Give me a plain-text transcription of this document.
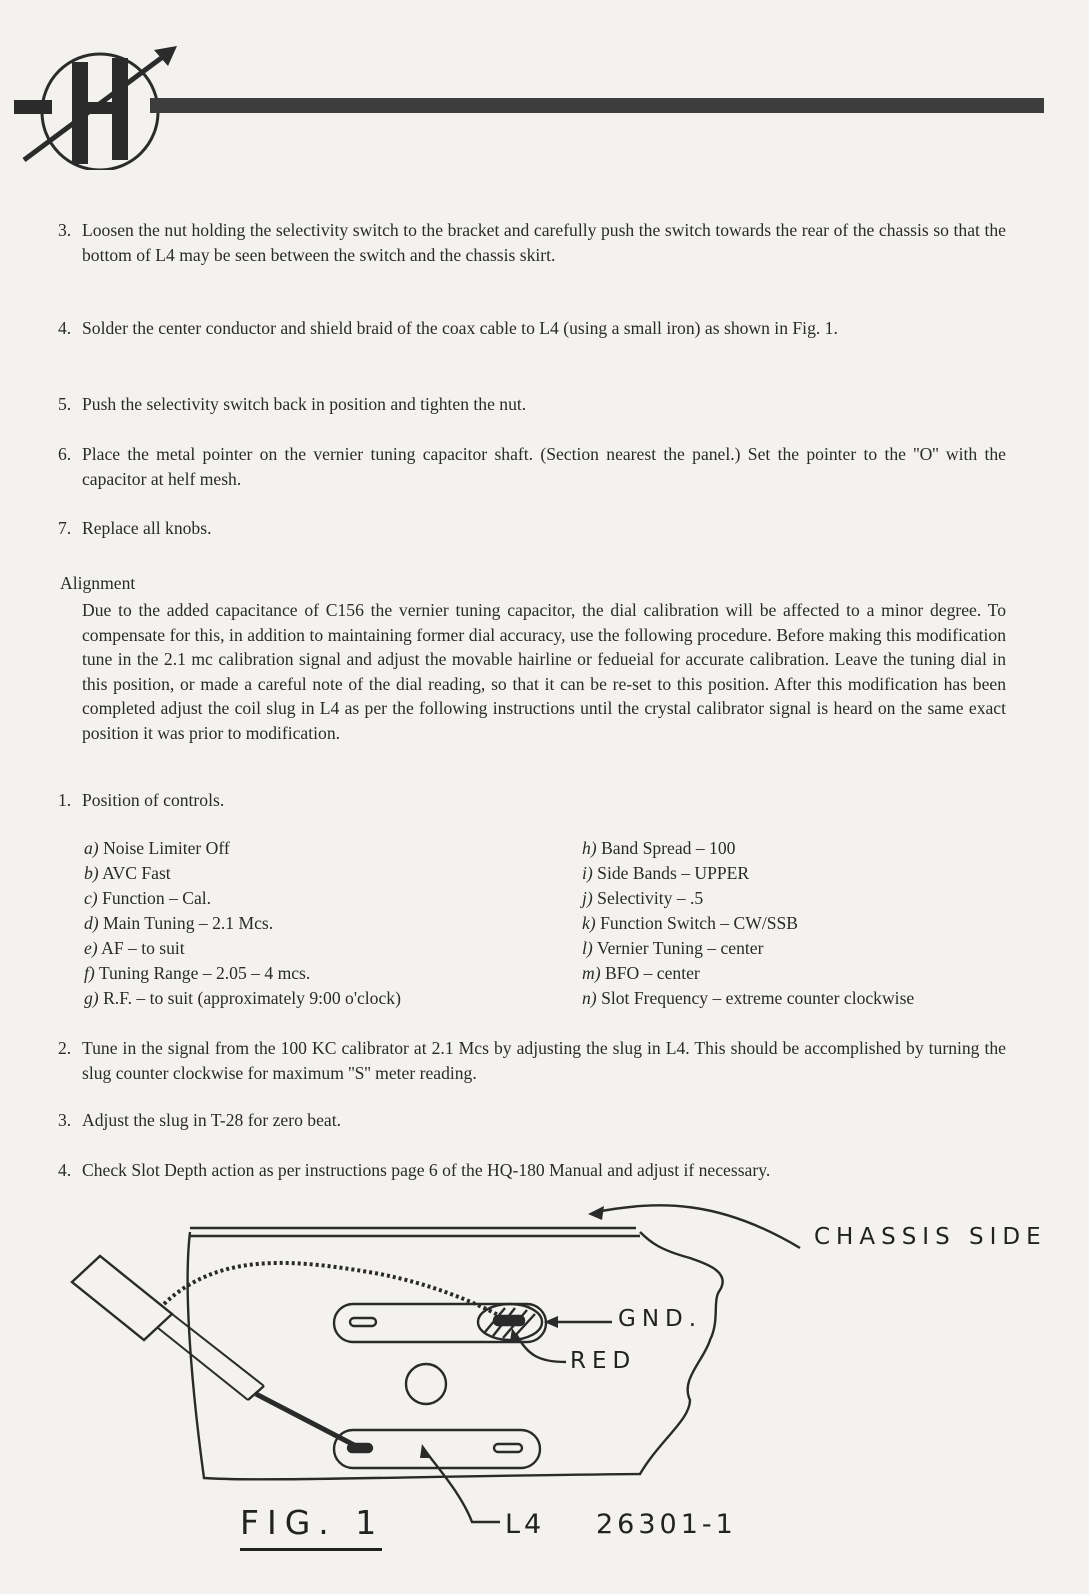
3. Loosen the nut holding the selectivity switch to the bracket and carefully push the switch towards the rear of the chassis so that the bottom of L4 may be seen between the switch and the chassis skirt.
4. Solder the center conductor and shield braid of the coax cable to L4 (using a small iron) as shown in Fig. 1.
5. Push the selectivity switch back in position and tighten the nut.
6. Place the metal pointer on the vernier tuning capacitor shaft. (Section nearest the panel.) Set the pointer to the ''O'' with the capacitor at helf mesh.
7. Replace all knobs.
Alignment
Due to the added capacitance of C156 the vernier tuning capacitor, the dial calibration will be affected to a minor degree. To compensate for this, in addition to maintaining former dial accuracy, use the following procedure. Before making this modification tune in the 2.1 mc calibration signal and adjust the movable hairline or fedueial for accurate calibration. Leave the tuning dial in this position, or made a careful note of the dial reading, so that it can be re-set to this position. After this modification has been completed adjust the coil slug in L4 as per the following instructions until the crystal calibrator signal is heard on the same exact position it was prior to modification.
1. Position of controls.
a) Noise Limiter Off
b) AVC Fast
c) Function – Cal.
d) Main Tuning – 2.1 Mcs.
e) AF – to suit
f) Tuning Range – 2.05 – 4 mcs.
g) R.F. – to suit (approximately 9:00 o'clock)
h) Band Spread – 100
i) Side Bands – UPPER
j) Selectivity – .5
k) Function Switch – CW/SSB
l) Vernier Tuning – center
m) BFO – center
n) Slot Frequency – extreme counter clockwise
2. Tune in the signal from the 100 KC calibrator at 2.1 Mcs by adjusting the slug in L4. This should be accomplished by turning the slug counter clockwise for maximum ''S'' meter reading.
3. Adjust the slug in T-28 for zero beat.
4. Check Slot Depth action as per instructions page 6 of the HQ-180 Manual and adjust if necessary.
CHASSIS SIDE
GND.
RED
FIG. 1	L4 26301-1
